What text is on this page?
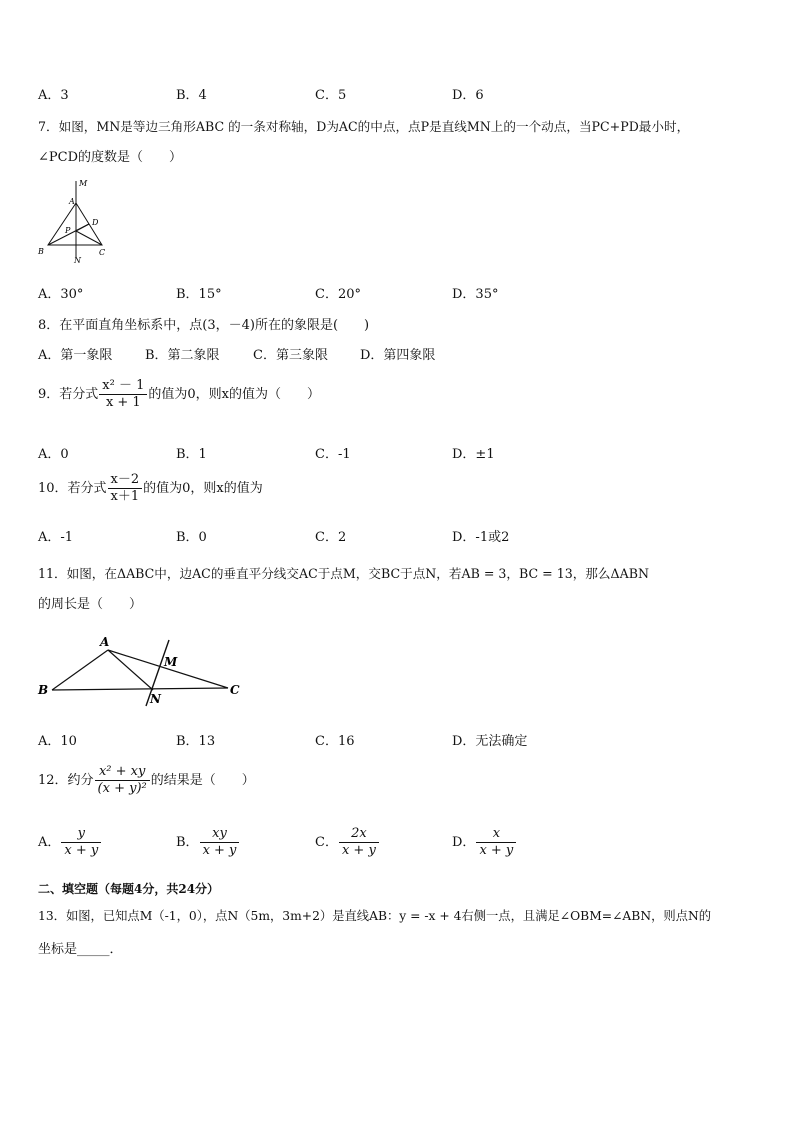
A．3	B．4	C．5	D．6
7．如图，MN是等边三角形ABC 的一条对称轴，D为AC的中点，点P是直线MN上的一个动点，当PC+PD最小时，
∠PCD的度数是（　　）
M
A
D
P
B
N
C
A．30°	B．15°	C．20°	D．35°
8．在平面直角坐标系中，点(3，－4)所在的象限是(　　)
A．第一象限	B．第二象限	C．第三象限 D．第四象限
9．若分式 $\frac{\text{x² － 1}}{x + 1}$ 的值为0，则x的值为（　　）
A．0	B．1	C．-1	D．±1
10．若分式 $\frac{x-2}{x+1}$ 的值为0，则x的值为
A．-1	B．0	C．2	D．-1或2
11．如图，在ΔABC中，边AC的垂直平分线交AC于点M，交BC于点N，若AB = 3，BC = 13，那么ΔABN
的周长是（　　）
A
M
B
N
C
A．10	B．13	C．16	D．无法确定
12．约分 $\frac{\text{x² + xy}}{\text{(x + y)²}}$ 的结果是（　　）
A． $\frac{y}{x + y}$	B． $\frac{xy}{x + y}$	C． $\frac{2x}{x + y}$	D． $\frac{x}{x + y}$
二、填空题（每题4分，共24分）
13．如图，已知点M（-1，0），点N（5m，3m+2）是直线AB：y = -x + 4右侧一点，且满足∠OBM=∠ABN，则点N的
坐标是_____．
